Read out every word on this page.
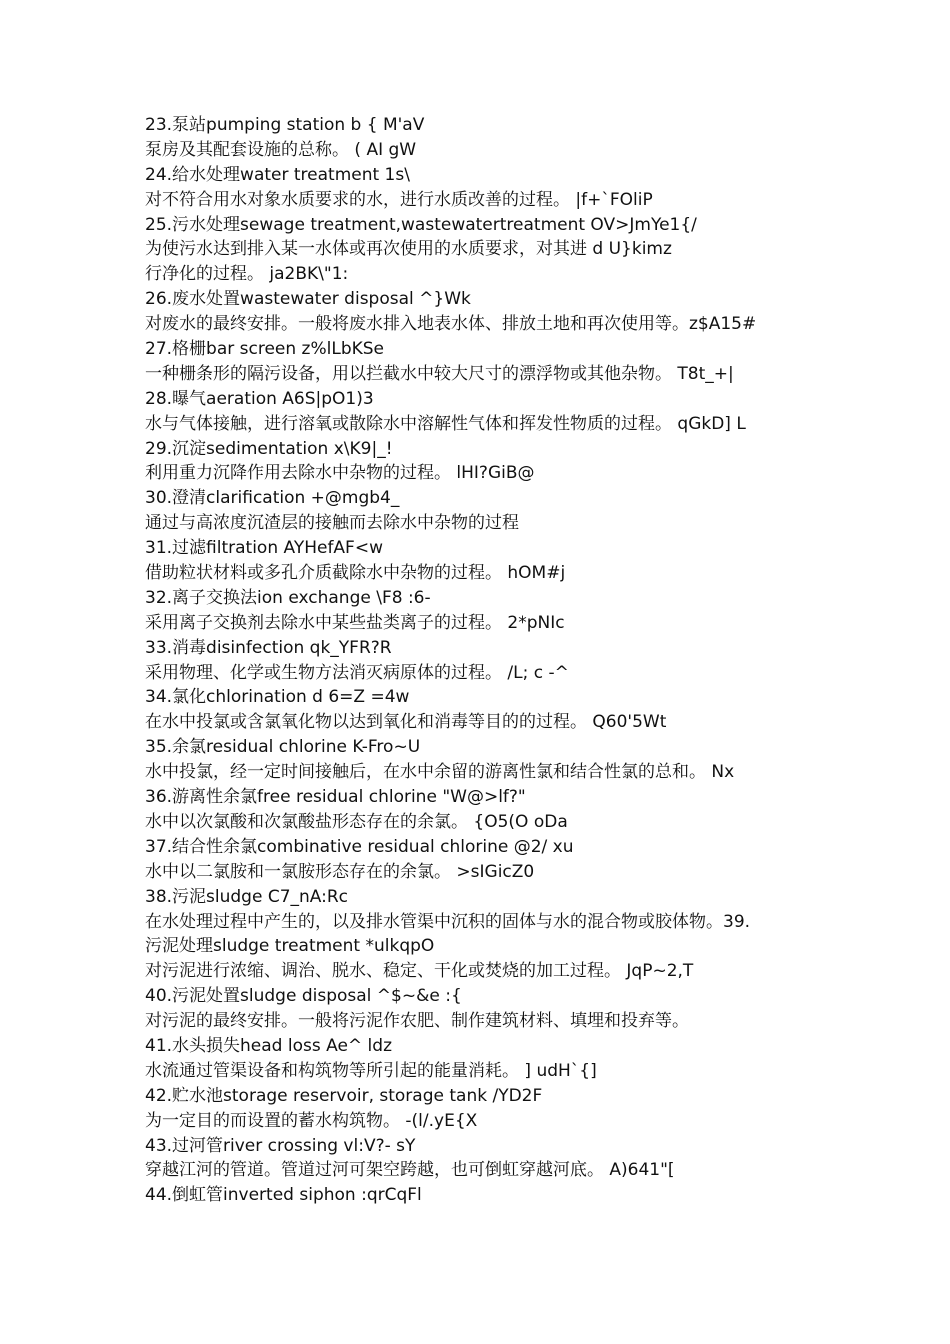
23.泵站pumping station b { M'aV
泵房及其配套设施的总称。 ( AI gW
24.给水处理water treatment 1s\
对不符合用水对象水质要求的水，进行水质改善的过程。 |f+`FOliP
25.污水处理sewage treatment,wastewatertreatment OV>JmYe1{/
为使污水达到排入某一水体或再次使用的水质要求，对其进 d U}kimz
行净化的过程。 ja2BK\"1:
26.废水处置wastewater disposal ^}Wk
对废水的最终安排。一般将废水排入地表水体、排放土地和再次使用等。z$A15#
27.格栅bar screen z%lLbKSe
一种栅条形的隔污设备，用以拦截水中较大尺寸的漂浮物或其他杂物。 T8t_+|
28.曝气aeration A6S|pO1)3
水与气体接触，进行溶氧或散除水中溶解性气体和挥发性物质的过程。 qGkD] L
29.沉淀sedimentation x\K9|_!
利用重力沉降作用去除水中杂物的过程。 lHI?GiB@
30.澄清clarification +@mgb4_
通过与高浓度沉渣层的接触而去除水中杂物的过程
31.过滤filtration AYHefAF<w
借助粒状材料或多孔介质截除水中杂物的过程。 hOM#j
32.离子交换法ion exchange \F8 :6-
采用离子交换剂去除水中某些盐类离子的过程。 2*pNIc
33.消毒disinfection qk_YFR?R
采用物理、化学或生物方法消灭病原体的过程。 /L; c -^
34.氯化chlorination d 6=Z =4w
在水中投氯或含氯氧化物以达到氧化和消毒等目的的过程。 Q60'5Wt
35.余氯residual chlorine K-Fro~U
水中投氯，经一定时间接触后，在水中余留的游离性氯和结合性氯的总和。 Nx
36.游离性余氯free residual chlorine "W@>lf?"
水中以次氯酸和次氯酸盐形态存在的余氯。 {O5(O oDa
37.结合性余氯combinative residual chlorine @2/ xu
水中以二氯胺和一氯胺形态存在的余氯。 >sIGicZ0
38.污泥sludge C7_nA:Rc
在水处理过程中产生的，以及排水管渠中沉积的固体与水的混合物或胶体物。39.
污泥处理sludge treatment *ulkqpO
对污泥进行浓缩、调治、脱水、稳定、干化或焚烧的加工过程。 JqP~2,T
40.污泥处置sludge disposal ^$~&e :{
对污泥的最终安排。一般将污泥作农肥、制作建筑材料、填埋和投弃等。
41.水头损失head loss Ae^ ldz
水流通过管渠设备和构筑物等所引起的能量消耗。 ] udH`{]
42.贮水池storage reservoir, storage tank /YD2F
为一定目的而设置的蓄水构筑物。 -(l/.yE{X
43.过河管river crossing vl:V?- sY
穿越江河的管道。管道过河可架空跨越，也可倒虹穿越河底。 A)641"[
44.倒虹管inverted siphon :qrCqFl
